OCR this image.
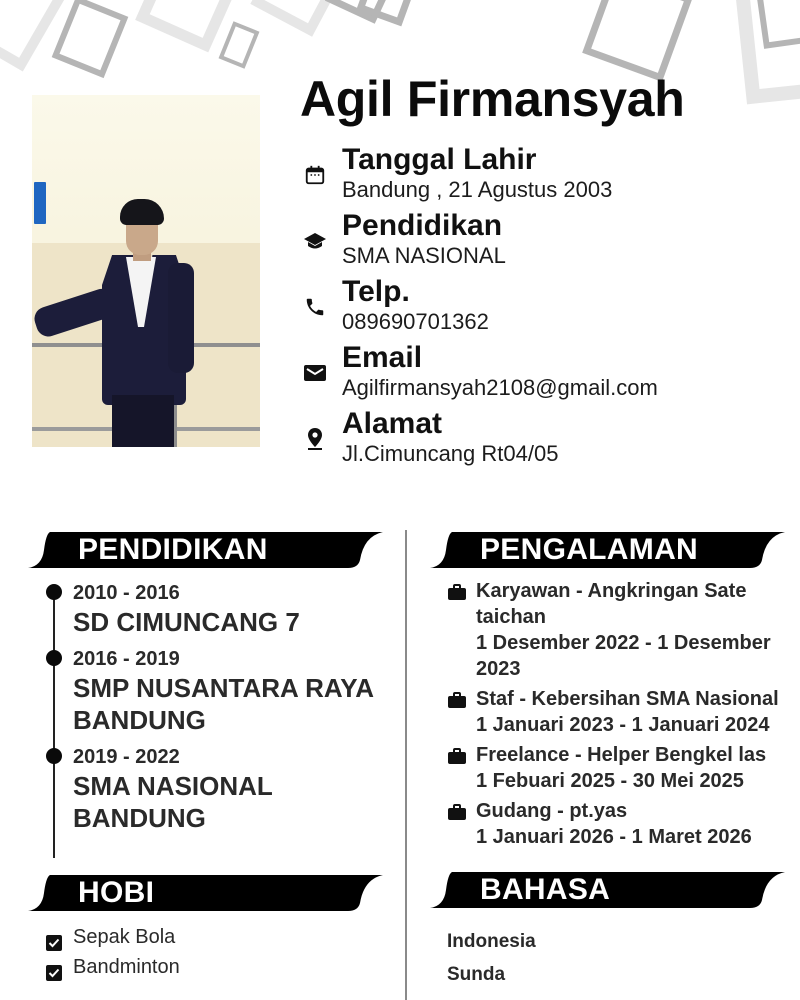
Agil Firmansyah
Tanggal Lahir
Bandung , 21 Agustus 2003
Pendidikan
SMA NASIONAL
Telp.
089690701362
Email
Agilfirmansyah2108@gmail.com
Alamat
Jl.Cimuncang Rt04/05
PENDIDIKAN
2010 - 2016
SD CIMUNCANG 7
2016 - 2019
SMP NUSANTARA RAYA BANDUNG
2019 - 2022
SMA NASIONAL BANDUNG
PENGALAMAN
Karyawan - Angkringan Sate taichan
1 Desember 2022 - 1 Desember 2023
Staf - Kebersihan SMA Nasional
1 Januari 2023 - 1 Januari 2024
Freelance - Helper Bengkel las
1 Febuari 2025 - 30 Mei 2025
Gudang - pt.yas
1 Januari 2026 - 1 Maret 2026
HOBI
Sepak Bola
Bandminton
BAHASA
Indonesia
Sunda
